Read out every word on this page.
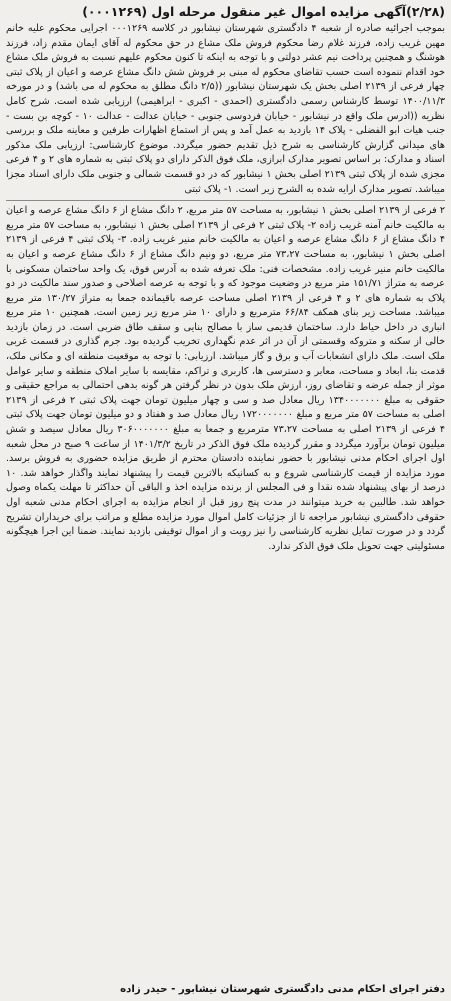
(۲/۲۸)آگهی مزایده اموال غیر منقول مرحله اول (۰۰۰۱۲۶۹)

بموجب اجرائیه صادره از شعبه ۴ دادگستری شهرستان نیشابور در کلاسه ۰۰۰۱۲۶۹ اجرایی محکوم علیه خانم مهین غریب زاده، فرزند غلام رضا محکوم فروش ملک مشاع در حق محکوم له آقای ایمان مقدم زاد، فرزند هوشنگ و همچنین پرداخت نیم عشر دولتی و با توجه به اینکه تا کنون محکوم علیهم نسبت به فروش ملک مشاع خود اقدام ننموده است حسب تقاضای محکوم له مبنی بر فروش شش دانگ مشاع عرصه و اعیان از پلاک ثبتی چهار فرعی از ۲۱۳۹ اصلی بخش یک شهرستان نیشابور ((۲/۵ دانگ مطلق به محکوم له می باشد) و در مورخه ۱۴۰۰/۱۱/۳ توسط کارشناس رسمی دادگستری (احمدی - اکبری - ابراهیمی) ارزیابی شده است. شرح کامل نظریه ((ادرس ملک واقع در نیشابور - خیابان فردوسی جنوبی - خیابان عدالت - عدالت ۱۰ - کوچه بن بست - جنب هیات ابو الفضلی - پلاک ۱۴ بازدید به عمل آمد و پس از استماع اظهارات طرفین و معاینه ملک و بررسی های میدانی گزارش کارشناسی به شرح ذیل تقدیم حضور میگردد. موضوع کارشناسی: ارزیابی ملک مذکور اسناد و مدارک: بر اساس تصویر مدارک ابرازی، ملک فوق الذکر دارای دو پلاک ثبتی به شماره های ۲ و ۴ فرعی مجزی شده از پلاک ثبتی ۲۱۳۹ اصلی بخش ۱ نیشابور که در دو قسمت شمالی و جنوبی ملک دارای اسناد مجزا میباشد. تصویر مدارک ارایه شده به الشرح زیر است. ۱- پلاک ثبتی

۲ فرعی از ۲۱۳۹ اصلی بخش ۱ نیشابور، به مساحت ۵۷ متر مربع، ۲ دانگ مشاع از ۶ دانگ مشاع عرصه و اعیان به مالکیت خانم آمنه غریب زاده ۲- پلاک ثبتی ۲ فرعی از ۲۱۳۹ اصلی بخش ۱ نیشابور، به مساحت ۵۷ متر مربع ۴ دانگ مشاع از ۶ دانگ مشاع عرصه و اعیان به مالکیت خانم منیر غریب زاده. ۳- پلاک ثبتی ۴ فرعی از ۲۱۳۹ اصلی بخش ۱ نیشابور، به مساحت ۷۳،۲۷ متر مربع، دو ونیم دانگ مشاع از ۶ دانگ مشاع عرصه و اعیان به مالکیت خانم منیر غریب زاده. مشخصات فنی: ملک تعرفه شده به آدرس فوق، یک واحد ساختمان مسکونی با عرصه به متراژ ۱۵۱/۷۱ متر مربع در وضعیت موجود که و با توجه به عرصه اصلاحی و صدور سند مالکیت در دو پلاک به شماره های ۲ و ۴ فرعی از ۲۱۳۹ اصلی مساحت عرصه باقیمانده جمعا به متراژ ۱۳۰/۲۷ متر مربع میباشد. مساحت زیر بنای همکف ۶۶/۸۴ مترمربع و دارای ۱۰ متر مربع زیر زمین است. همچنین ۱۰ متر مربع انباری در داخل حیاط دارد. ساختمان قدیمی ساز با مصالح بنایی و سقف طاق ضربی است. در زمان بازدید خالی از سکنه و متروکه وقسمتی از آن در اثر عدم نگهداری تخریب گردیده بود. جرم گذاری در قسمت غربی ملک است. ملک دارای انشعابات آب و برق و گاز میباشد. ارزیابی: با توجه به موقعیت منطقه ای و مکانی ملک، قدمت بنا، ابعاد و مساحت، معابر و دسترسی ها، کاربری و تراکم، مقایسه با سایر املاک منطقه و سایر عوامل موثر از جمله عرضه و تقاضای روز، ارزش ملک بدون در نظر گرفتن هر گونه بدهی احتمالی به مراجع حقیقی و حقوقی به مبلغ ۱۳۴۰۰۰۰۰۰۰ ریال معادل صد و سی و چهار میلیون تومان جهت پلاک ثبتی ۲ فرعی از ۲۱۳۹ اصلی به مساحت ۵۷ متر مربع و مبلغ ۱۷۲۰۰۰۰۰۰۰ ریال معادل صد و هفتاد و دو میلیون تومان جهت پلاک ثبتی ۴ فرعی از ۲۱۳۹ اصلی به مساحت ۷۳،۲۷ مترمربع و جمعا به مبلغ ۳۰۶۰۰۰۰۰۰۰ ریال معادل سیصد و شش میلیون تومان برآورد میگردد و مقرر گردیده ملک فوق الذکر در تاریخ ۱۴۰۱/۳/۲ از ساعت ۹ صبح در محل شعبه اول اجرای احکام مدنی نیشابور با حضور نماینده دادستان محترم از طریق مزایده حضوری به فروش برسد. مورد مزایده از قیمت کارشناسی شروع و به کسانیکه بالاترین قیمت را پیشنهاد نمایند واگذار خواهد شد. ۱۰ درصد از بهای پیشنهاد شده نقدا و فی المجلس از برنده مزایده اخذ و الباقی آن حداکثر تا مهلت یکماه وصول خواهد شد. طالبین به خرید میتوانند در مدت پنج روز قبل از انجام مزایده به اجرای احکام مدنی شعبه اول حقوقی دادگستری نیشابور مراجعه تا از جزئیات کامل اموال مورد مزایده مطلع و مراتب برای خریداران تشریح گردد و در صورت تمایل نظریه کارشناسی را نیز رویت و از اموال توقیفی بازدید نمایند. ضمنا این اجرا هیچگونه مسئولیتی جهت تحویل ملک فوق الذکر ندارد.

دفتر اجرای احکام مدنی دادگستری شهرستان نیشابور - حیدر زاده
